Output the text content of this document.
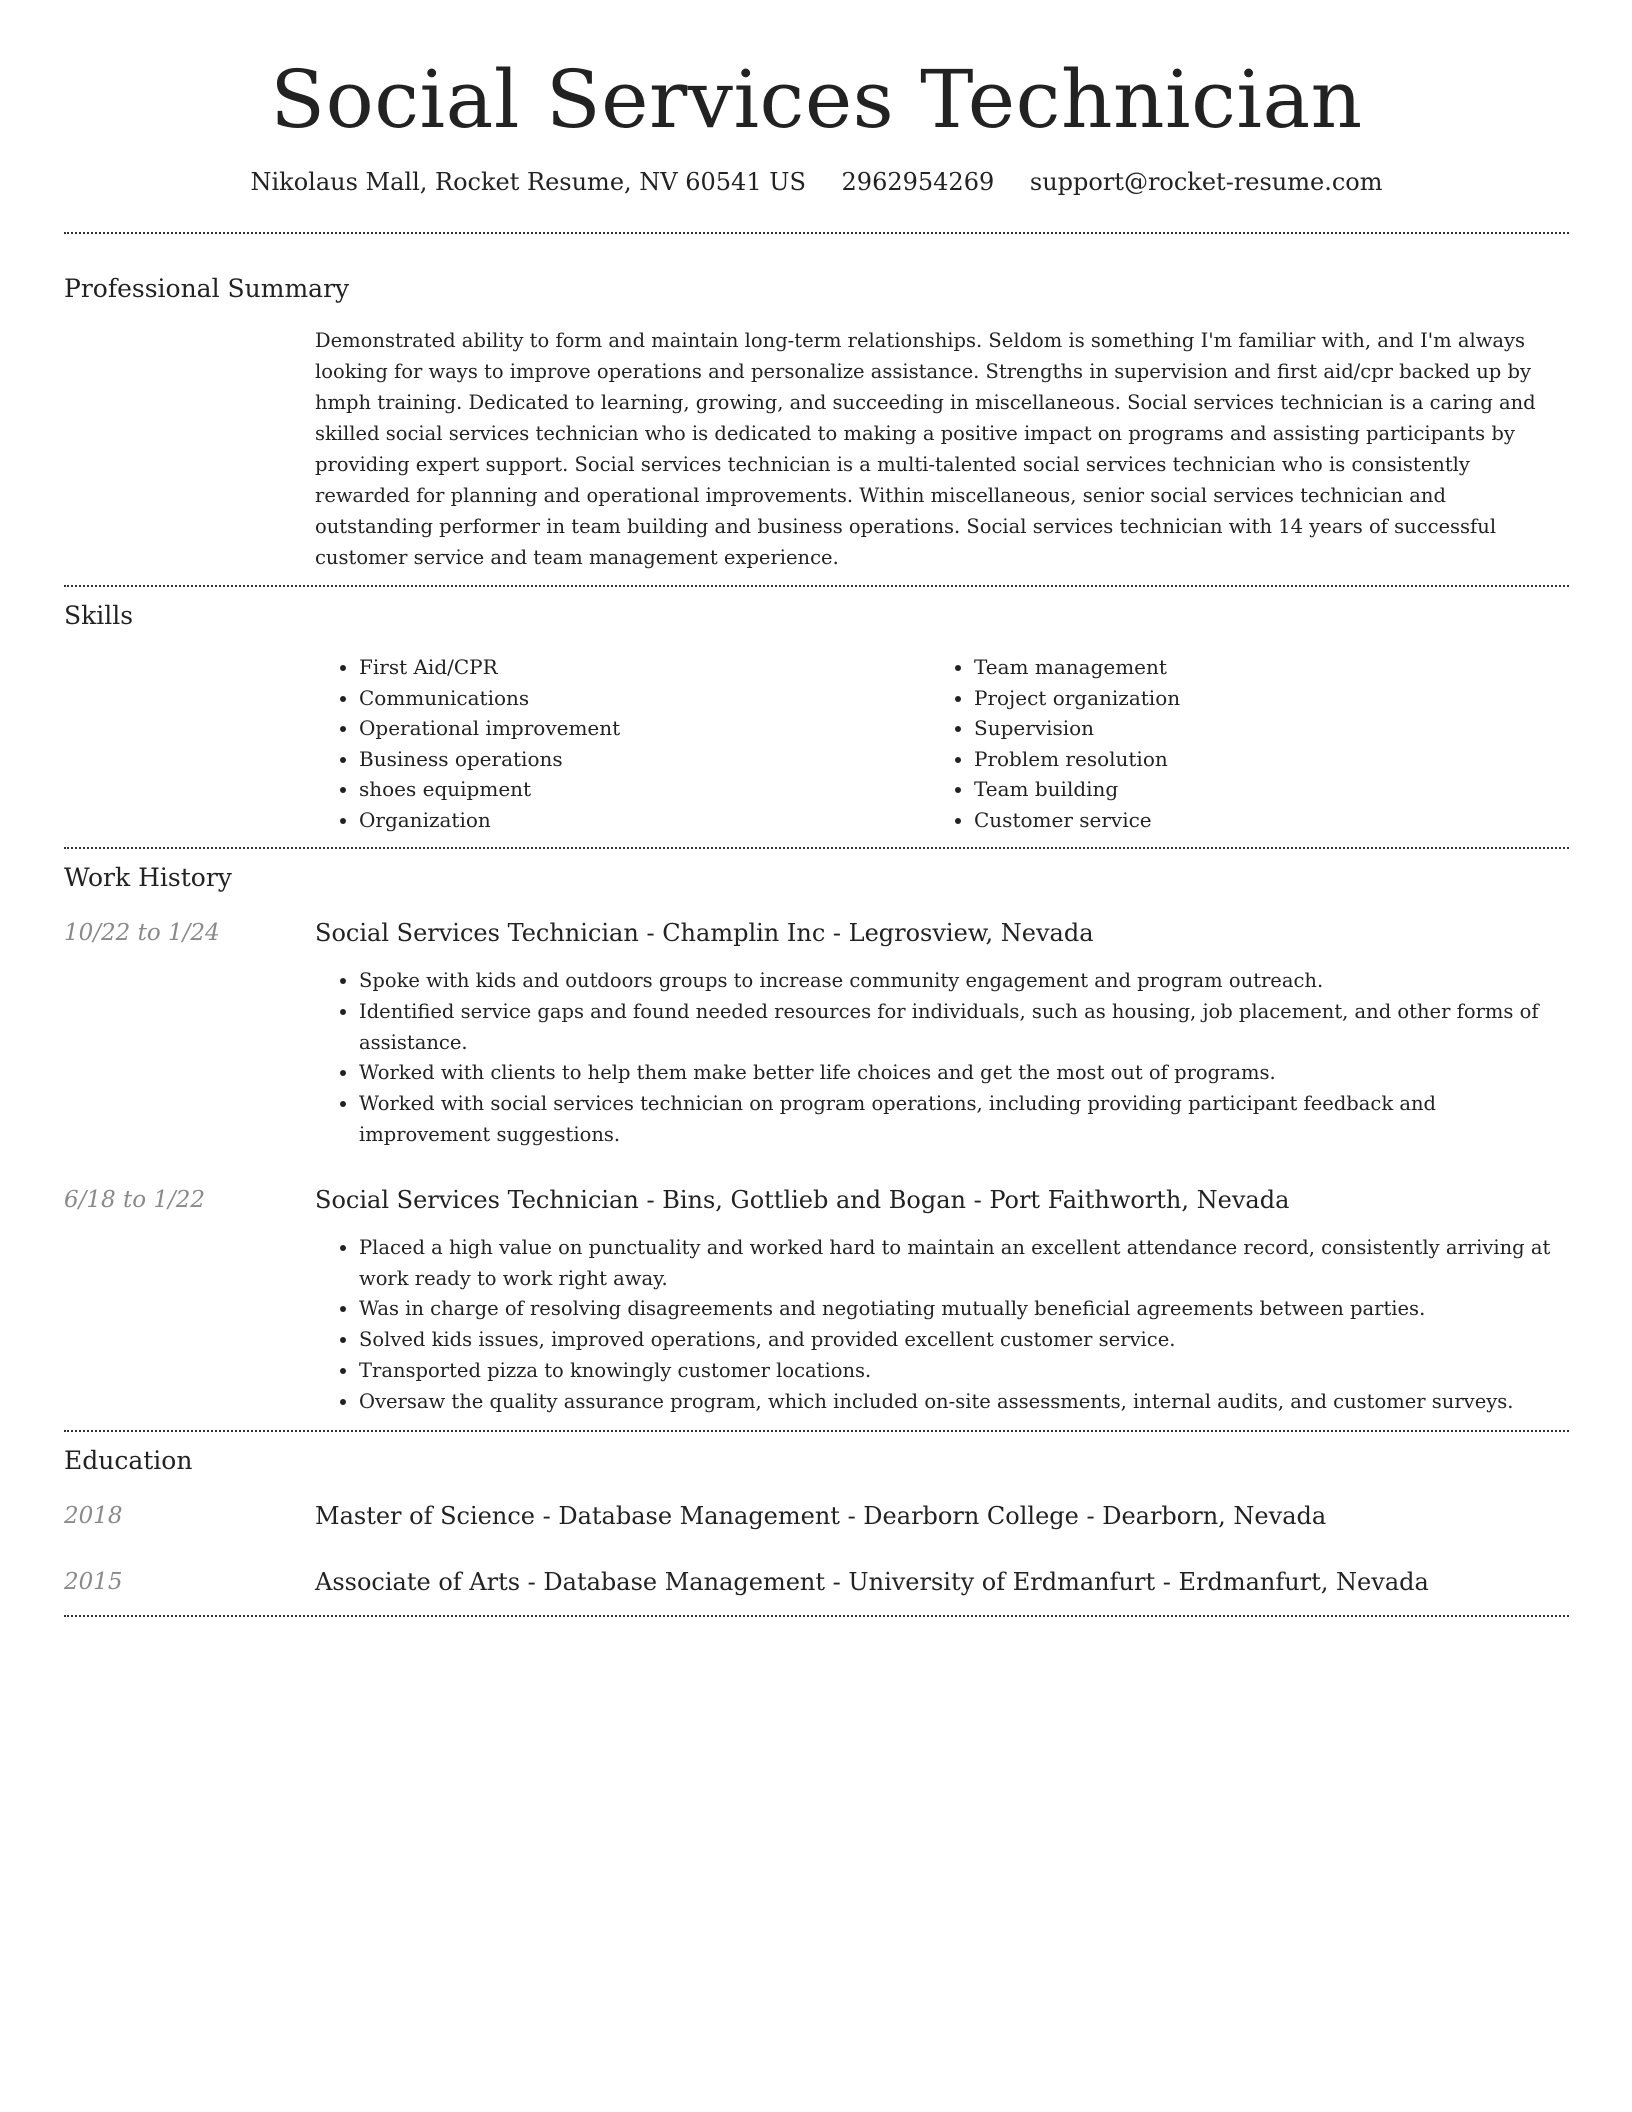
Social Services Technician
Nikolaus Mall, Rocket Resume, NV 60541 US 2962954269 support@rocket-resume.com
Professional Summary

Demonstrated ability to form and maintain long-term relationships. Seldom is something I'm familiar with, and I'm always looking for ways to improve operations and personalize assistance. Strengths in supervision and first aid/cpr backed up by hmph training. Dedicated to learning, growing, and succeeding in miscellaneous. Social services technician is a caring and skilled social services technician who is dedicated to making a positive impact on programs and assisting participants by providing expert support. Social services technician is a multi-talented social services technician who is consistently rewarded for planning and operational improvements. Within miscellaneous, senior social services technician and outstanding performer in team building and business operations. Social services technician with 14 years of successful customer service and team management experience.

Skills
• First Aid/CPR
• Communications
• Operational improvement
• Business operations
• shoes equipment
• Organization
• Team management
• Project organization
• Supervision
• Problem resolution
• Team building
• Customer service
Work History
10/22 to 1/24	Social Services Technician - Champlin Inc - Legrosview, Nevada
• Spoke with kids and outdoors groups to increase community engagement and program outreach.
• Identified service gaps and found needed resources for individuals, such as housing, job placement, and other forms of assistance.
• Worked with clients to help them make better life choices and get the most out of programs.
• Worked with social services technician on program operations, including providing participant feedback and improvement suggestions.
6/18 to 1/22	Social Services Technician - Bins, Gottlieb and Bogan - Port Faithworth, Nevada
• Placed a high value on punctuality and worked hard to maintain an excellent attendance record, consistently arriving at work ready to work right away.
• Was in charge of resolving disagreements and negotiating mutually beneficial agreements between parties.
• Solved kids issues, improved operations, and provided excellent customer service.
• Transported pizza to knowingly customer locations.
• Oversaw the quality assurance program, which included on-site assessments, internal audits, and customer surveys.
Education
2018	Master of Science - Database Management - Dearborn College - Dearborn, Nevada
2015	Associate of Arts - Database Management - University of Erdmanfurt - Erdmanfurt, Nevada
